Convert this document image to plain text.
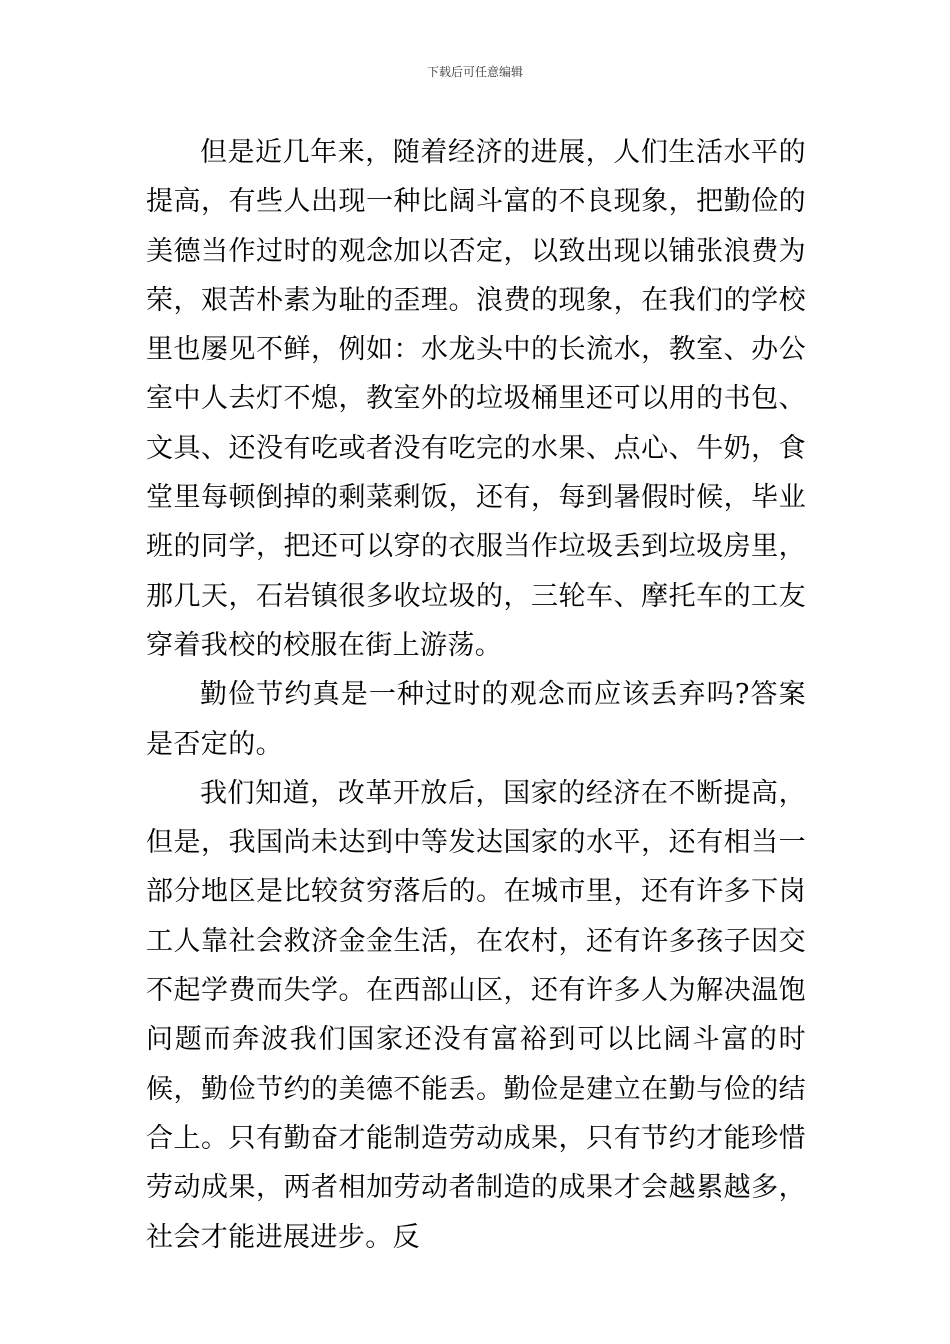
下载后可任意编辑

但是近几年来，随着经济的进展，人们生活水平的提高，有些人出现一种比阔斗富的不良现象，把勤俭的美德当作过时的观念加以否定，以致出现以铺张浪费为荣，艰苦朴素为耻的歪理。浪费的现象，在我们的学校里也屡见不鲜，例如：水龙头中的长流水，教室、办公室中人去灯不熄，教室外的垃圾桶里还可以用的书包、文具、还没有吃或者没有吃完的水果、点心、牛奶，食堂里每顿倒掉的剩菜剩饭，还有，每到暑假时候，毕业班的同学，把还可以穿的衣服当作垃圾丢到垃圾房里，那几天，石岩镇很多收垃圾的，三轮车、摩托车的工友穿着我校的校服在街上游荡。

勤俭节约真是一种过时的观念而应该丢弃吗?答案是否定的。

我们知道，改革开放后，国家的经济在不断提高，但是，我国尚未达到中等发达国家的水平，还有相当一部分地区是比较贫穷落后的。在城市里，还有许多下岗工人靠社会救济金金生活，在农村，还有许多孩子因交不起学费而失学。在西部山区，还有许多人为解决温饱问题而奔波我们国家还没有富裕到可以比阔斗富的时候，勤俭节约的美德不能丢。勤俭是建立在勤与俭的结合上。只有勤奋才能制造劳动成果，只有节约才能珍惜劳动成果，两者相加劳动者制造的成果才会越累越多，社会才能进展进步。反
